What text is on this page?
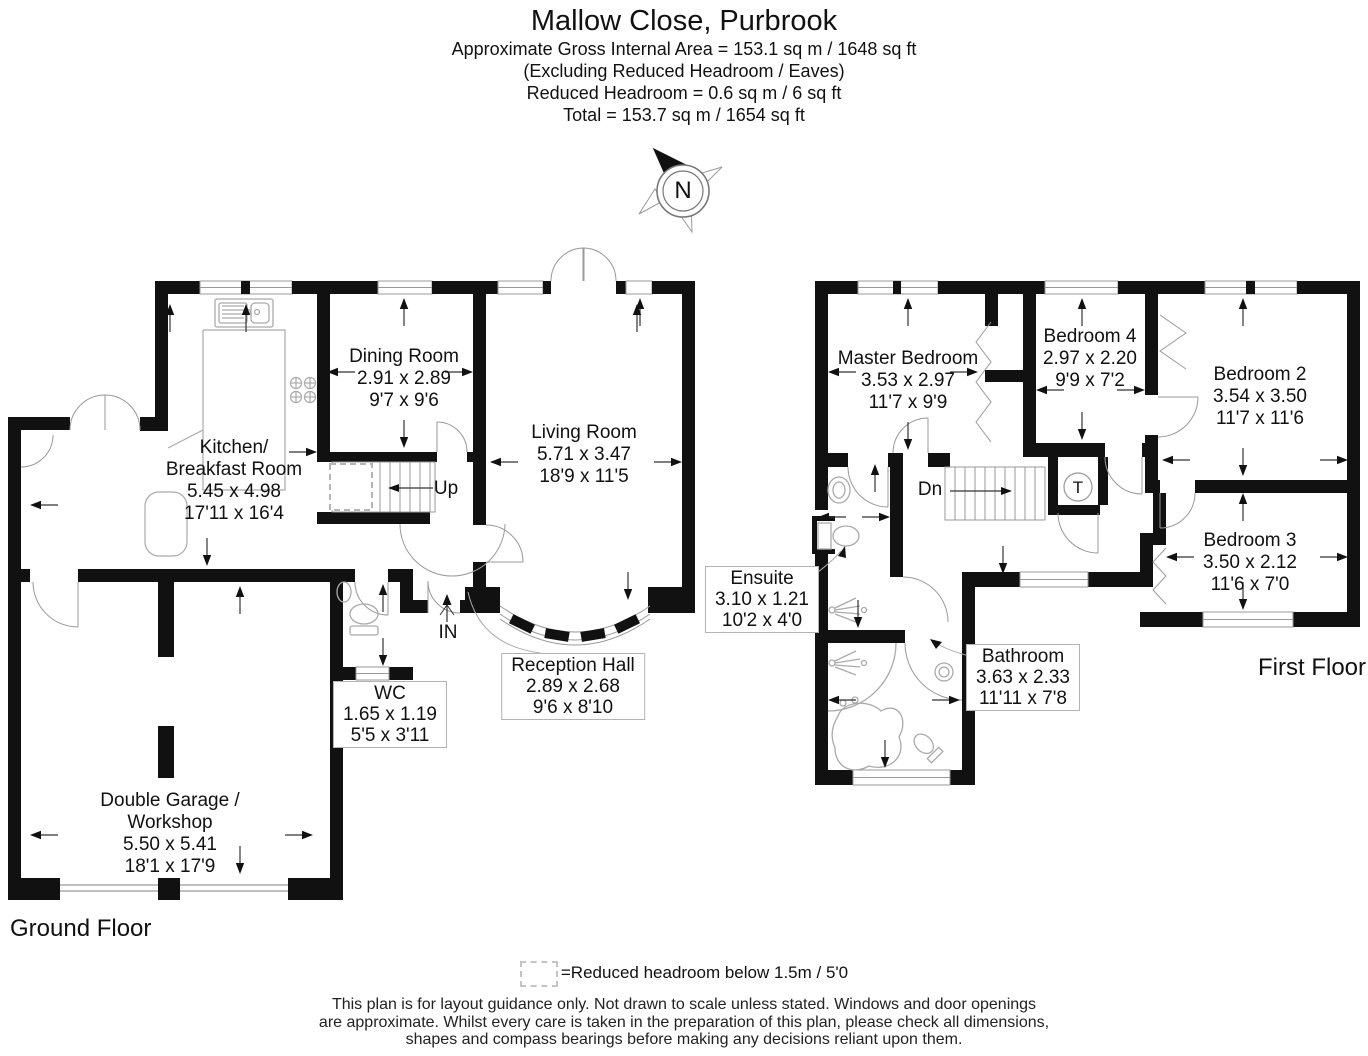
Mallow Close, Purbrook
Approximate Gross Internal Area = 153.1 sq m / 1648 sq ft
(Excluding Reduced Headroom / Eaves)
Reduced Headroom = 0.6 sq m / 6 sq ft
Total = 153.7 sq m / 1654 sq ft
N
Kitchen/
Breakfast Room
5.45 x 4.98
17'11 x 16'4
Dining Room
2.91 x 2.89
9'7 x 9'6
Living Room
5.71 x 3.47
18'9 x 11'5
Up
IN
WC
1.65 x 1.19
5'5 x 3'11
Reception Hall
2.89 x 2.68
9'6 x 8'10
Double Garage /
Workshop
5.50 x 5.41
18'1 x 17'9
Ground Floor
Master Bedroom
3.53 x 2.97
11'7 x 9'9
Bedroom 4
2.97 x 2.20
9'9 x 7'2	Bedroom 2
3.54 x 3.50
11'7 x 11'6
Bedroom 3
3.50 x 2.12
11'6 x 7'0
Dn	T
Ensuite
3.10 x 1.21
10'2 x 4'0
Bathroom
3.63 x 2.33
11'11 x 7'8
First Floor
=Reduced headroom below 1.5m / 5'0
This plan is for layout guidance only. Not drawn to scale unless stated. Windows and door openings
are approximate. Whilst every care is taken in the preparation of this plan, please check all dimensions,
shapes and compass bearings before making any decisions reliant upon them.
